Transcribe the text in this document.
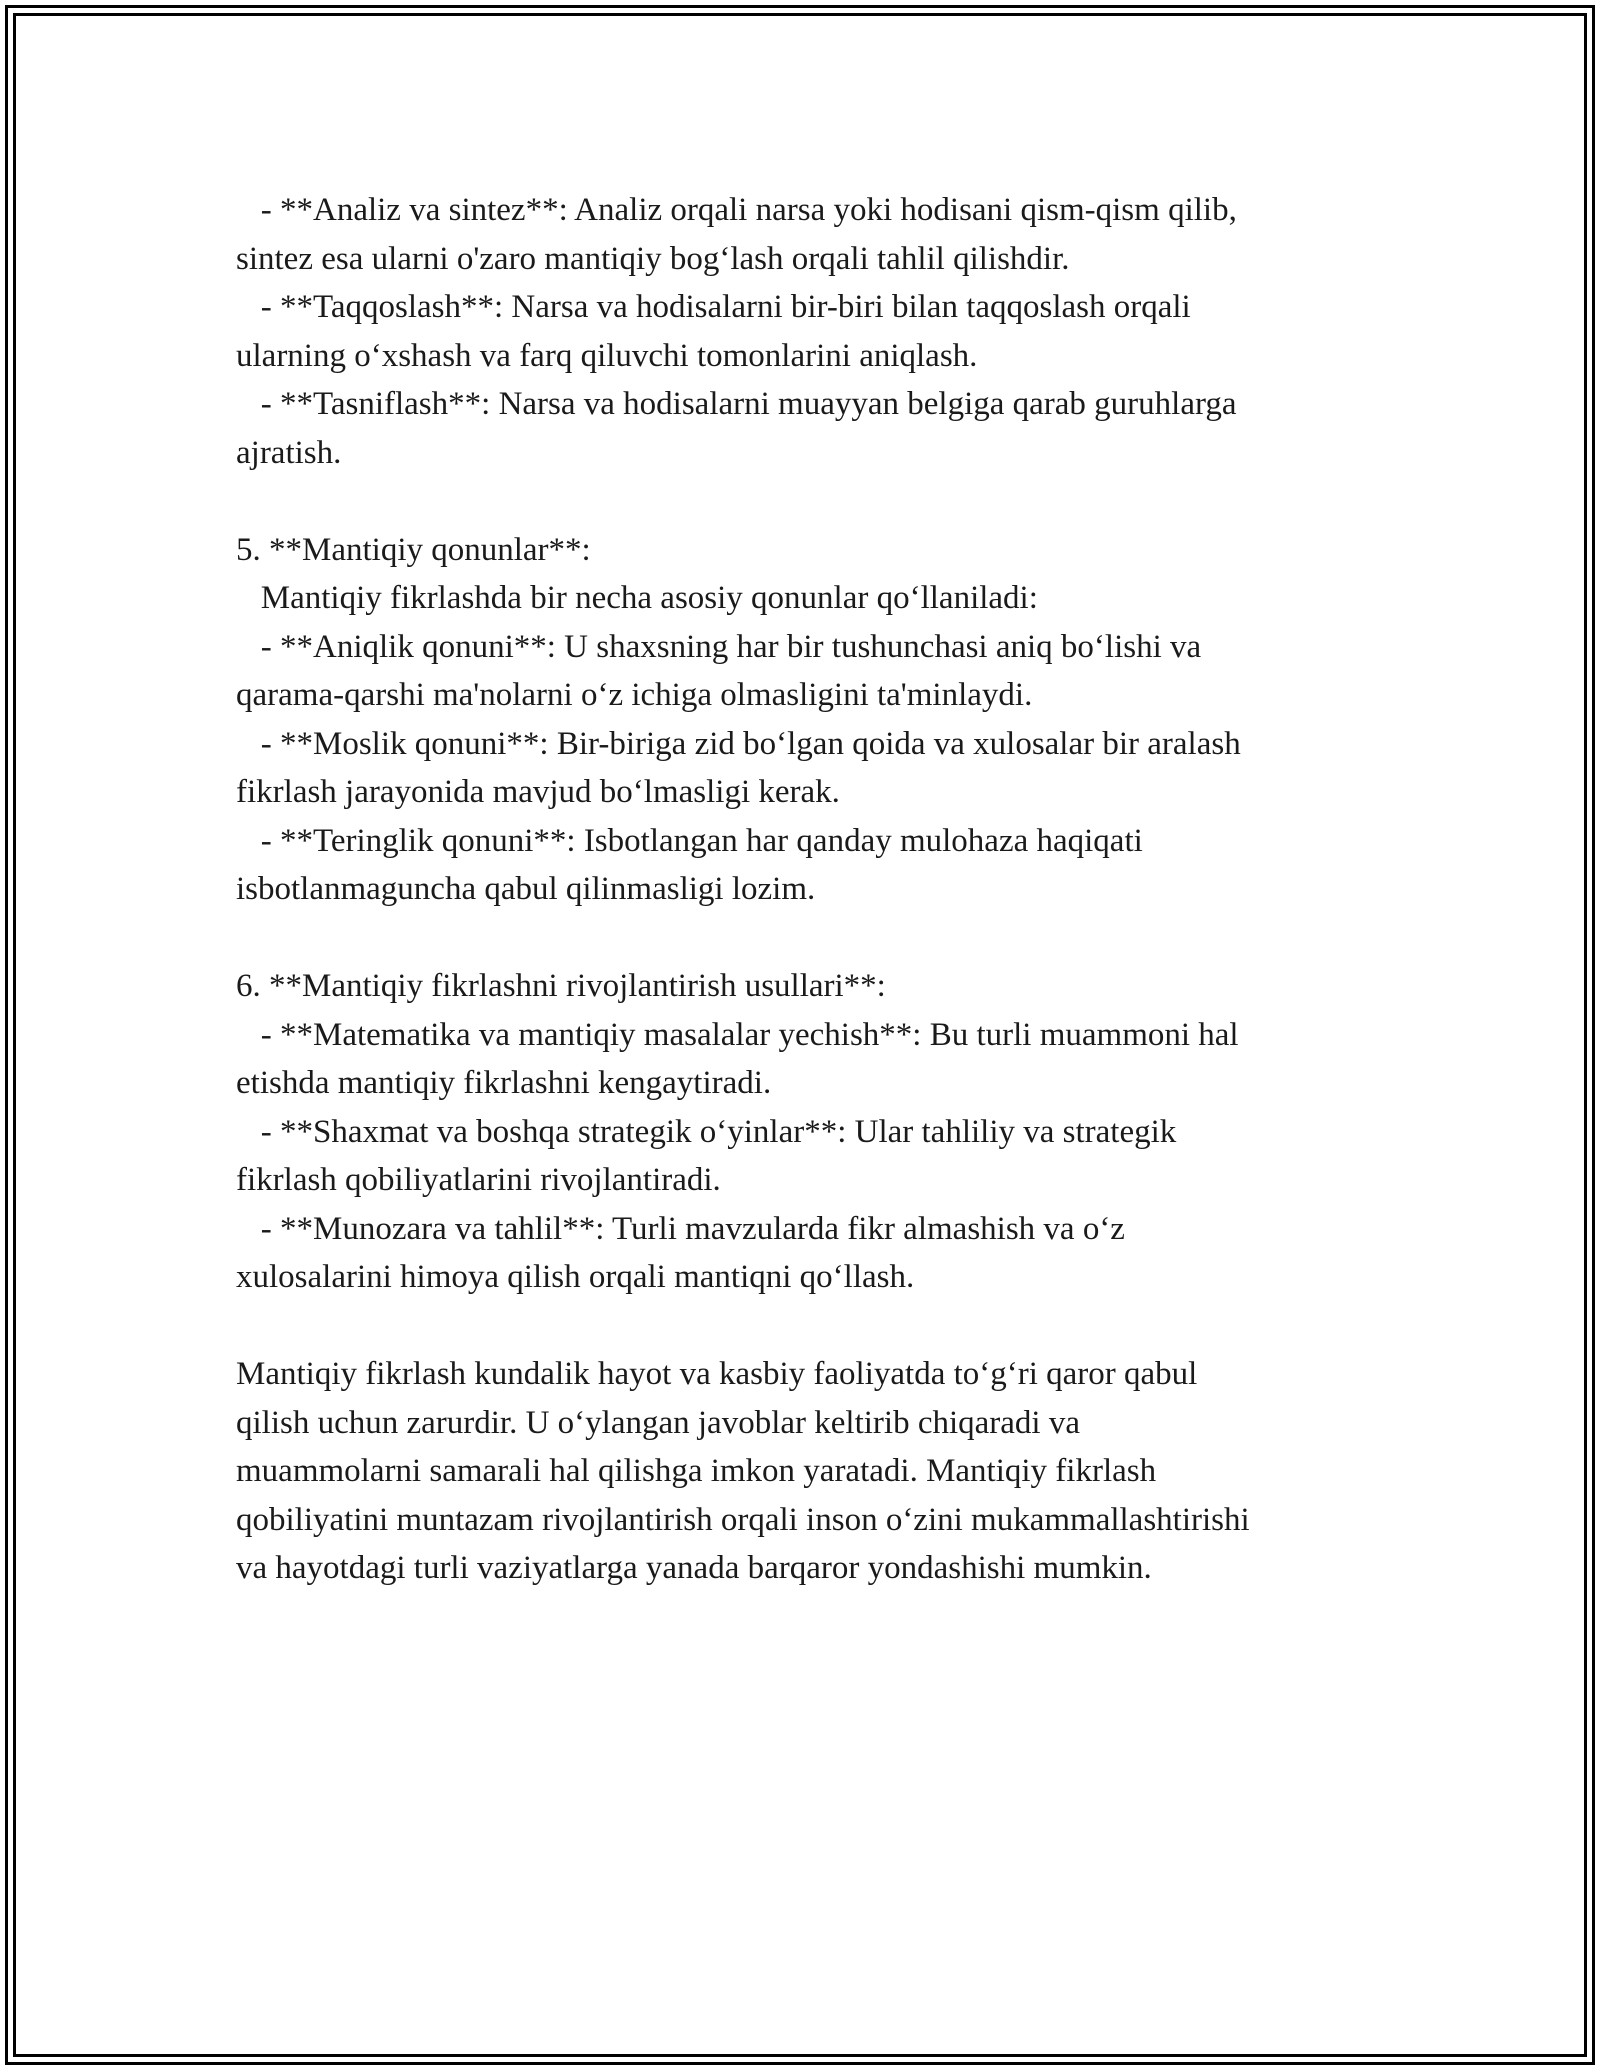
- **Analiz va sintez**: Analiz orqali narsa yoki hodisani qism-qism qilib,

sintez esa ularni o'zaro mantiqiy bog‘lash orqali tahlil qilishdir.

- **Taqqoslash**: Narsa va hodisalarni bir-biri bilan taqqoslash orqali

ularning o‘xshash va farq qiluvchi tomonlarini aniqlash.

- **Tasniflash**: Narsa va hodisalarni muayyan belgiga qarab guruhlarga

ajratish.

5. **Mantiqiy qonunlar**:

Mantiqiy fikrlashda bir necha asosiy qonunlar qo‘llaniladi:

- **Aniqlik qonuni**: U shaxsning har bir tushunchasi aniq bo‘lishi va

qarama-qarshi ma'nolarni o‘z ichiga olmasligini ta'minlaydi.

- **Moslik qonuni**: Bir-biriga zid bo‘lgan qoida va xulosalar bir aralash

fikrlash jarayonida mavjud bo‘lmasligi kerak.

- **Teringlik qonuni**: Isbotlangan har qanday mulohaza haqiqati

isbotlanmaguncha qabul qilinmasligi lozim.

6. **Mantiqiy fikrlashni rivojlantirish usullari**:

- **Matematika va mantiqiy masalalar yechish**: Bu turli muammoni hal

etishda mantiqiy fikrlashni kengaytiradi.

- **Shaxmat va boshqa strategik o‘yinlar**: Ular tahliliy va strategik

fikrlash qobiliyatlarini rivojlantiradi.

- **Munozara va tahlil**: Turli mavzularda fikr almashish va o‘z

xulosalarini himoya qilish orqali mantiqni qo‘llash.

Mantiqiy fikrlash kundalik hayot va kasbiy faoliyatda to‘g‘ri qaror qabul

qilish uchun zarurdir. U o‘ylangan javoblar keltirib chiqaradi va

muammolarni samarali hal qilishga imkon yaratadi. Mantiqiy fikrlash

qobiliyatini muntazam rivojlantirish orqali inson o‘zini mukammallashtirishi

va hayotdagi turli vaziyatlarga yanada barqaror yondashishi mumkin.
